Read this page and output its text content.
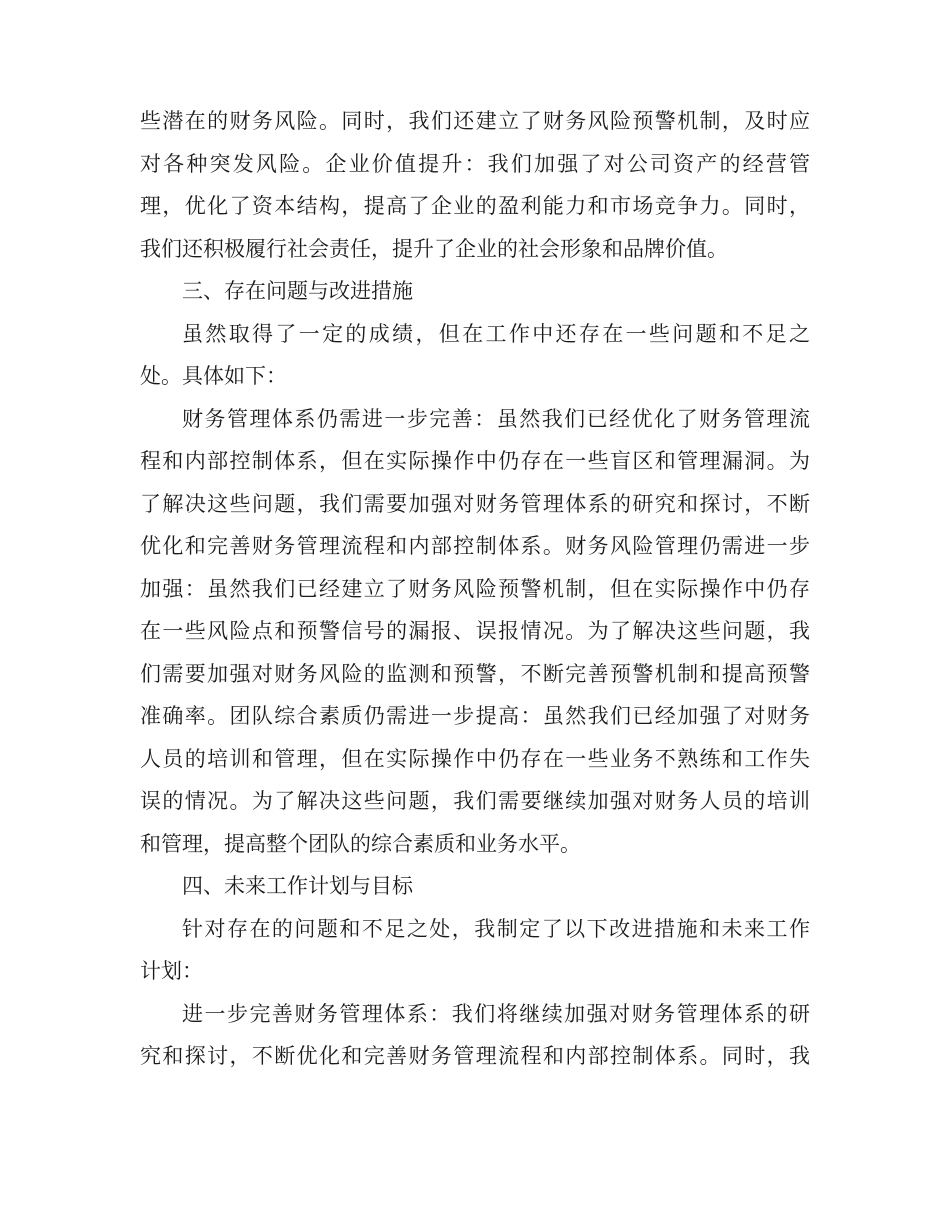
些潜在的财务风险。同时，我们还建立了财务风险预警机制，及时应
对各种突发风险。企业价值提升：我们加强了对公司资产的经营管
理，优化了资本结构，提高了企业的盈利能力和市场竞争力。同时，
我们还积极履行社会责任，提升了企业的社会形象和品牌价值。
三、存在问题与改进措施
虽然取得了一定的成绩，但在工作中还存在一些问题和不足之
处。具体如下：
财务管理体系仍需进一步完善：虽然我们已经优化了财务管理流
程和内部控制体系，但在实际操作中仍存在一些盲区和管理漏洞。为
了解决这些问题，我们需要加强对财务管理体系的研究和探讨，不断
优化和完善财务管理流程和内部控制体系。财务风险管理仍需进一步
加强：虽然我们已经建立了财务风险预警机制，但在实际操作中仍存
在一些风险点和预警信号的漏报、误报情况。为了解决这些问题，我
们需要加强对财务风险的监测和预警，不断完善预警机制和提高预警
准确率。团队综合素质仍需进一步提高：虽然我们已经加强了对财务
人员的培训和管理，但在实际操作中仍存在一些业务不熟练和工作失
误的情况。为了解决这些问题，我们需要继续加强对财务人员的培训
和管理，提高整个团队的综合素质和业务水平。
四、未来工作计划与目标
针对存在的问题和不足之处，我制定了以下改进措施和未来工作
计划：
进一步完善财务管理体系：我们将继续加强对财务管理体系的研
究和探讨，不断优化和完善财务管理流程和内部控制体系。同时，我
